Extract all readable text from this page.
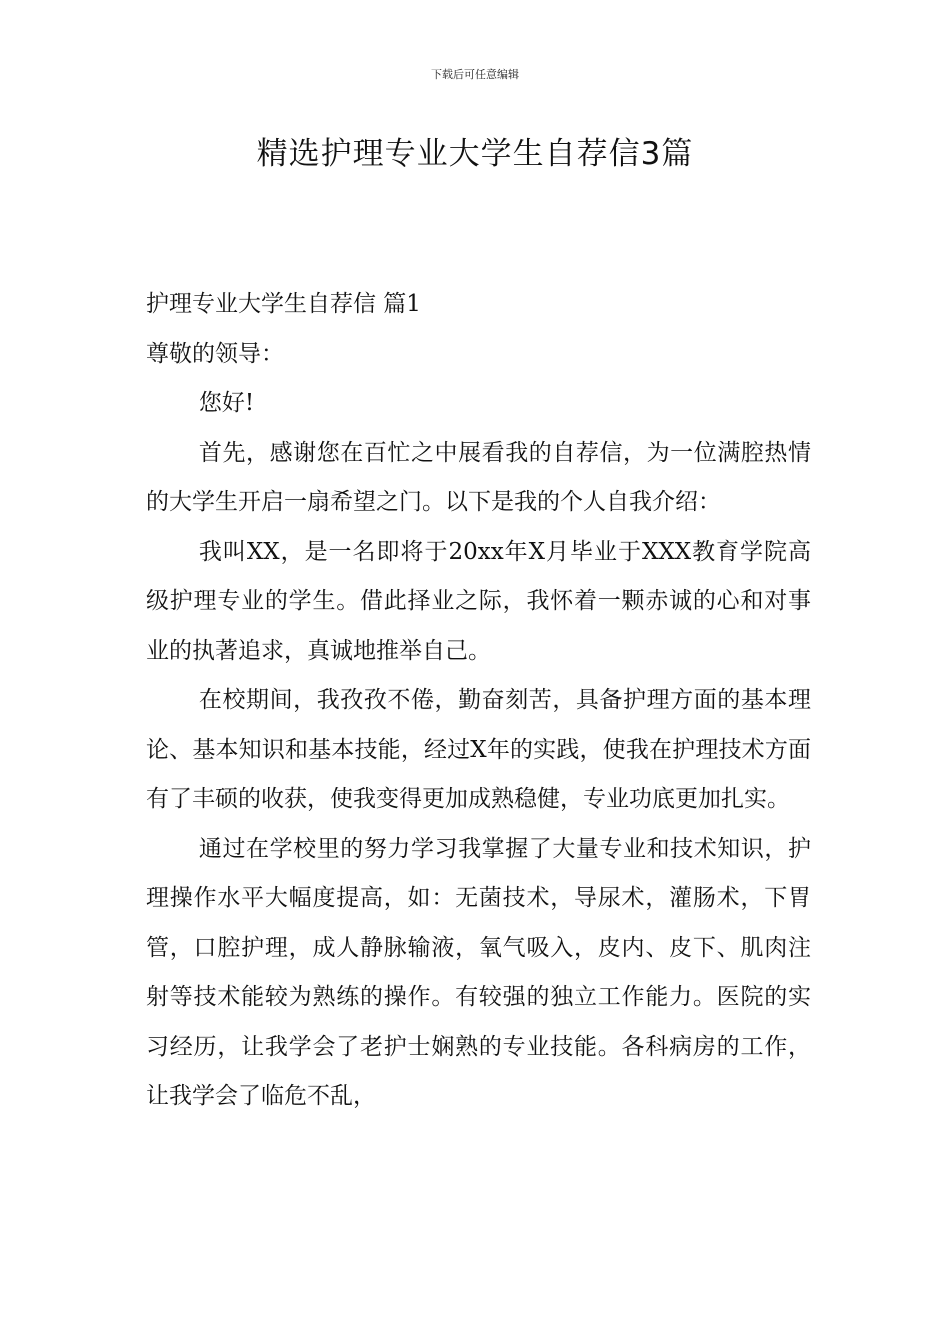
下载后可任意编辑
精选护理专业大学生自荐信3篇

护理专业大学生自荐信 篇1

尊敬的领导：

您好!

首先，感谢您在百忙之中展看我的自荐信，为一位满腔热情的大学生开启一扇希望之门。以下是我的个人自我介绍：

我叫XX，是一名即将于20xx年X月毕业于XXX教育学院高级护理专业的学生。借此择业之际，我怀着一颗赤诚的心和对事业的执著追求，真诚地推举自己。

在校期间，我孜孜不倦，勤奋刻苦，具备护理方面的基本理论、基本知识和基本技能，经过X年的实践，使我在护理技术方面有了丰硕的收获，使我变得更加成熟稳健，专业功底更加扎实。

通过在学校里的努力学习我掌握了大量专业和技术知识，护理操作水平大幅度提高，如：无菌技术，导尿术，灌肠术，下胃管，口腔护理，成人静脉输液，氧气吸入，皮内、皮下、肌肉注射等技术能较为熟练的操作。有较强的独立工作能力。医院的实习经历，让我学会了老护士娴熟的专业技能。各科病房的工作，让我学会了临危不乱，
